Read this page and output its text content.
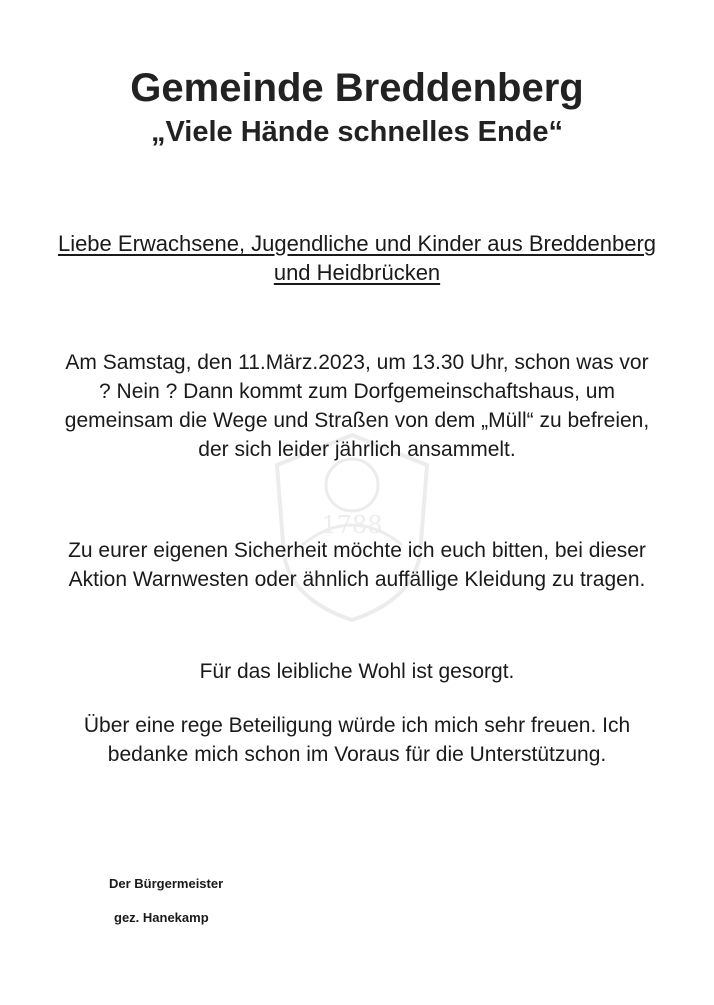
1788
Gemeinde Breddenberg
„Viele Hände schnelles Ende“
Liebe Erwachsene, Jugendliche und Kinder aus Breddenberg und Heidbrücken
Am Samstag, den 11.März.2023, um 13.30 Uhr, schon was vor ? Nein ? Dann kommt zum Dorfgemeinschaftshaus, um gemeinsam die Wege und Straßen von dem „Müll“ zu befreien, der sich leider jährlich ansammelt.
Zu eurer eigenen Sicherheit möchte ich euch bitten, bei dieser Aktion Warnwesten oder ähnlich auffällige Kleidung zu tragen.
Für das leibliche Wohl ist gesorgt.
Über eine rege Beteiligung würde ich mich sehr freuen. Ich bedanke mich schon im Voraus für die Unterstützung.
Der Bürgermeister
gez. Hanekamp
